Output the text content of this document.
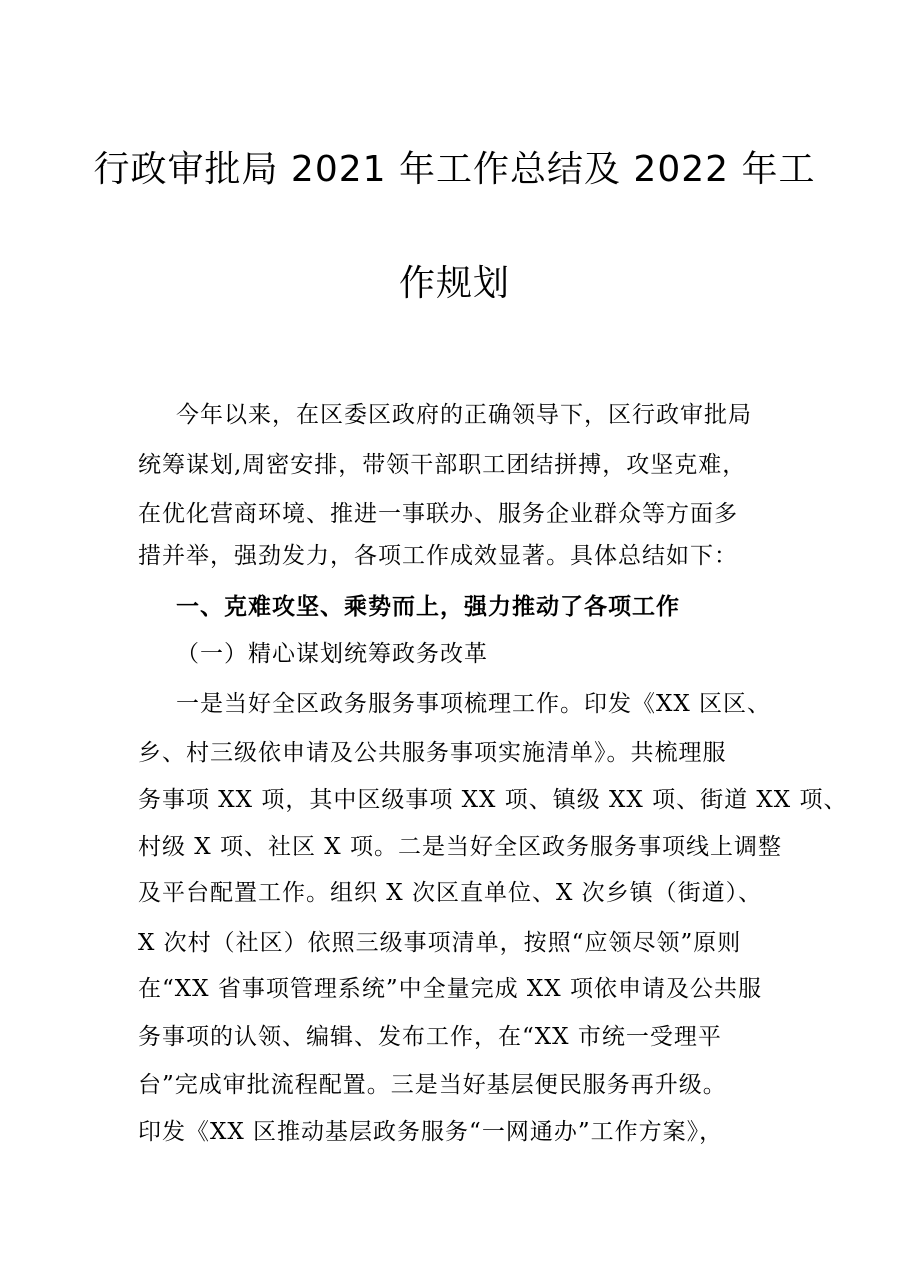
行政审批局 2021 年工作总结及 2022 年工
作规划
今年以来，在区委区政府的正确领导下，区行政审批局
统筹谋划,周密安排，带领干部职工团结拼搏，攻坚克难，
在优化营商环境、推进一事联办、服务企业群众等方面多
措并举，强劲发力，各项工作成效显著。具体总结如下：
一、克难攻坚、乘势而上，强力推动了各项工作
（一）精心谋划统筹政务改革
一是当好全区政务服务事项梳理工作。印发《XX 区区、
乡、村三级依申请及公共服务事项实施清单》。共梳理服
务事项 XX 项，其中区级事项 XX 项、镇级 XX 项、街道 XX 项、
村级 X 项、社区 X 项。二是当好全区政务服务事项线上调整
及平台配置工作。组织 X 次区直单位、X 次乡镇（街道）、
X 次村（社区）依照三级事项清单，按照“应领尽领”原则
在“XX 省事项管理系统”中全量完成 XX 项依申请及公共服
务事项的认领、编辑、发布工作，在“XX 市统一受理平
台”完成审批流程配置。三是当好基层便民服务再升级。
印发《XX 区推动基层政务服务“一网通办”工作方案》，
